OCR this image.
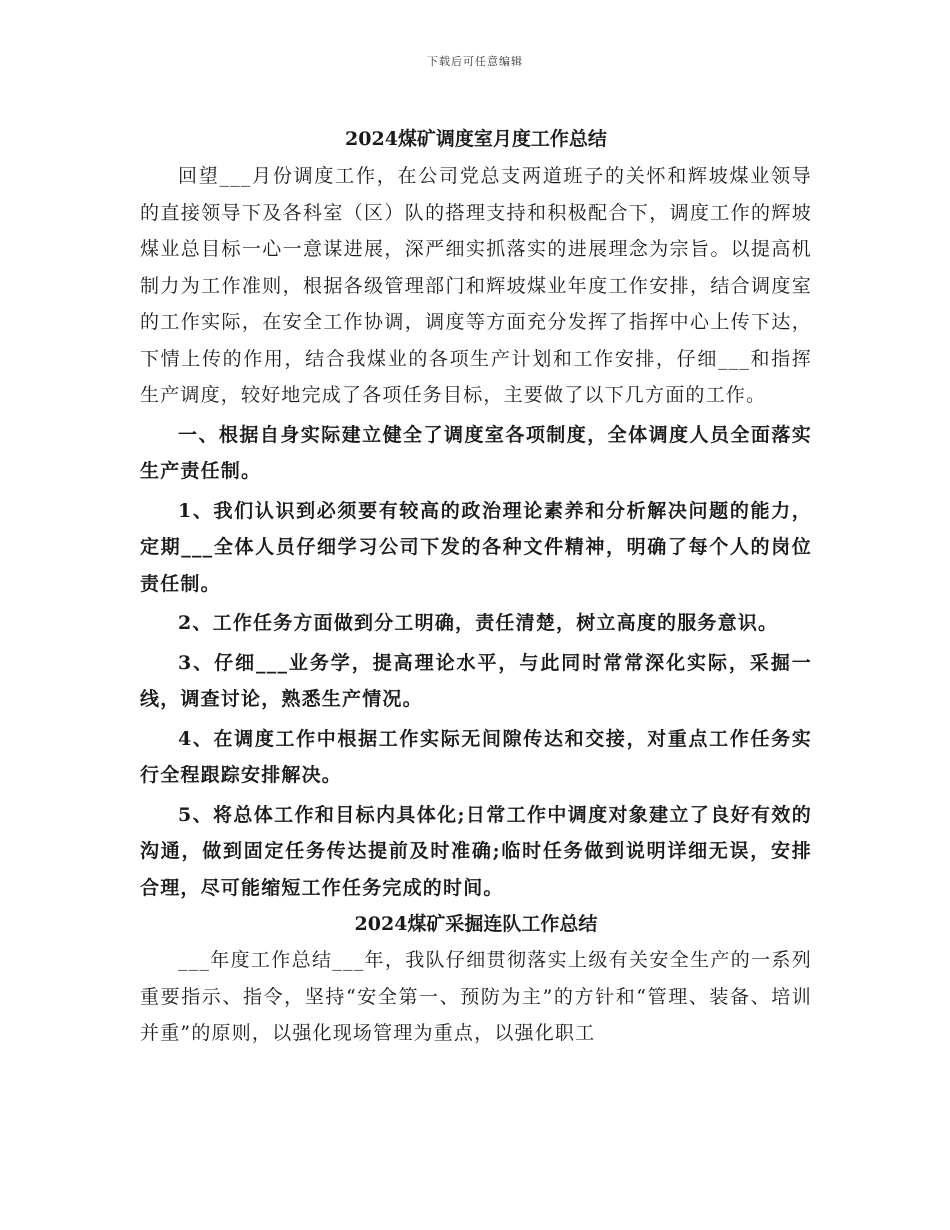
下载后可任意编辑
2024煤矿调度室月度工作总结

回望___月份调度工作，在公司党总支两道班子的关怀和辉坡煤业领导的直接领导下及各科室（区）队的搭理支持和积极配合下，调度工作的辉坡煤业总目标一心一意谋进展，深严细实抓落实的进展理念为宗旨。以提高机制力为工作准则，根据各级管理部门和辉坡煤业年度工作安排，结合调度室的工作实际，在安全工作协调，调度等方面充分发挥了指挥中心上传下达，下情上传的作用，结合我煤业的各项生产计划和工作安排，仔细___和指挥生产调度，较好地完成了各项任务目标，主要做了以下几方面的工作。

一、根据自身实际建立健全了调度室各项制度，全体调度人员全面落实生产责任制。

1、我们认识到必须要有较高的政治理论素养和分析解决问题的能力，定期___全体人员仔细学习公司下发的各种文件精神，明确了每个人的岗位责任制。

2、工作任务方面做到分工明确，责任清楚，树立高度的服务意识。

3、仔细___业务学，提高理论水平，与此同时常常深化实际，采掘一线，调查讨论，熟悉生产情况。

4、在调度工作中根据工作实际无间隙传达和交接，对重点工作任务实行全程跟踪安排解决。

5、将总体工作和目标内具体化;日常工作中调度对象建立了良好有效的沟通，做到固定任务传达提前及时准确;临时任务做到说明详细无误，安排合理，尽可能缩短工作任务完成的时间。

2024煤矿采掘连队工作总结

___年度工作总结___年，我队仔细贯彻落实上级有关安全生产的一系列重要指示、指令，坚持“安全第一、预防为主”的方针和“管理、装备、培训并重”的原则，以强化现场管理为重点，以强化职工
